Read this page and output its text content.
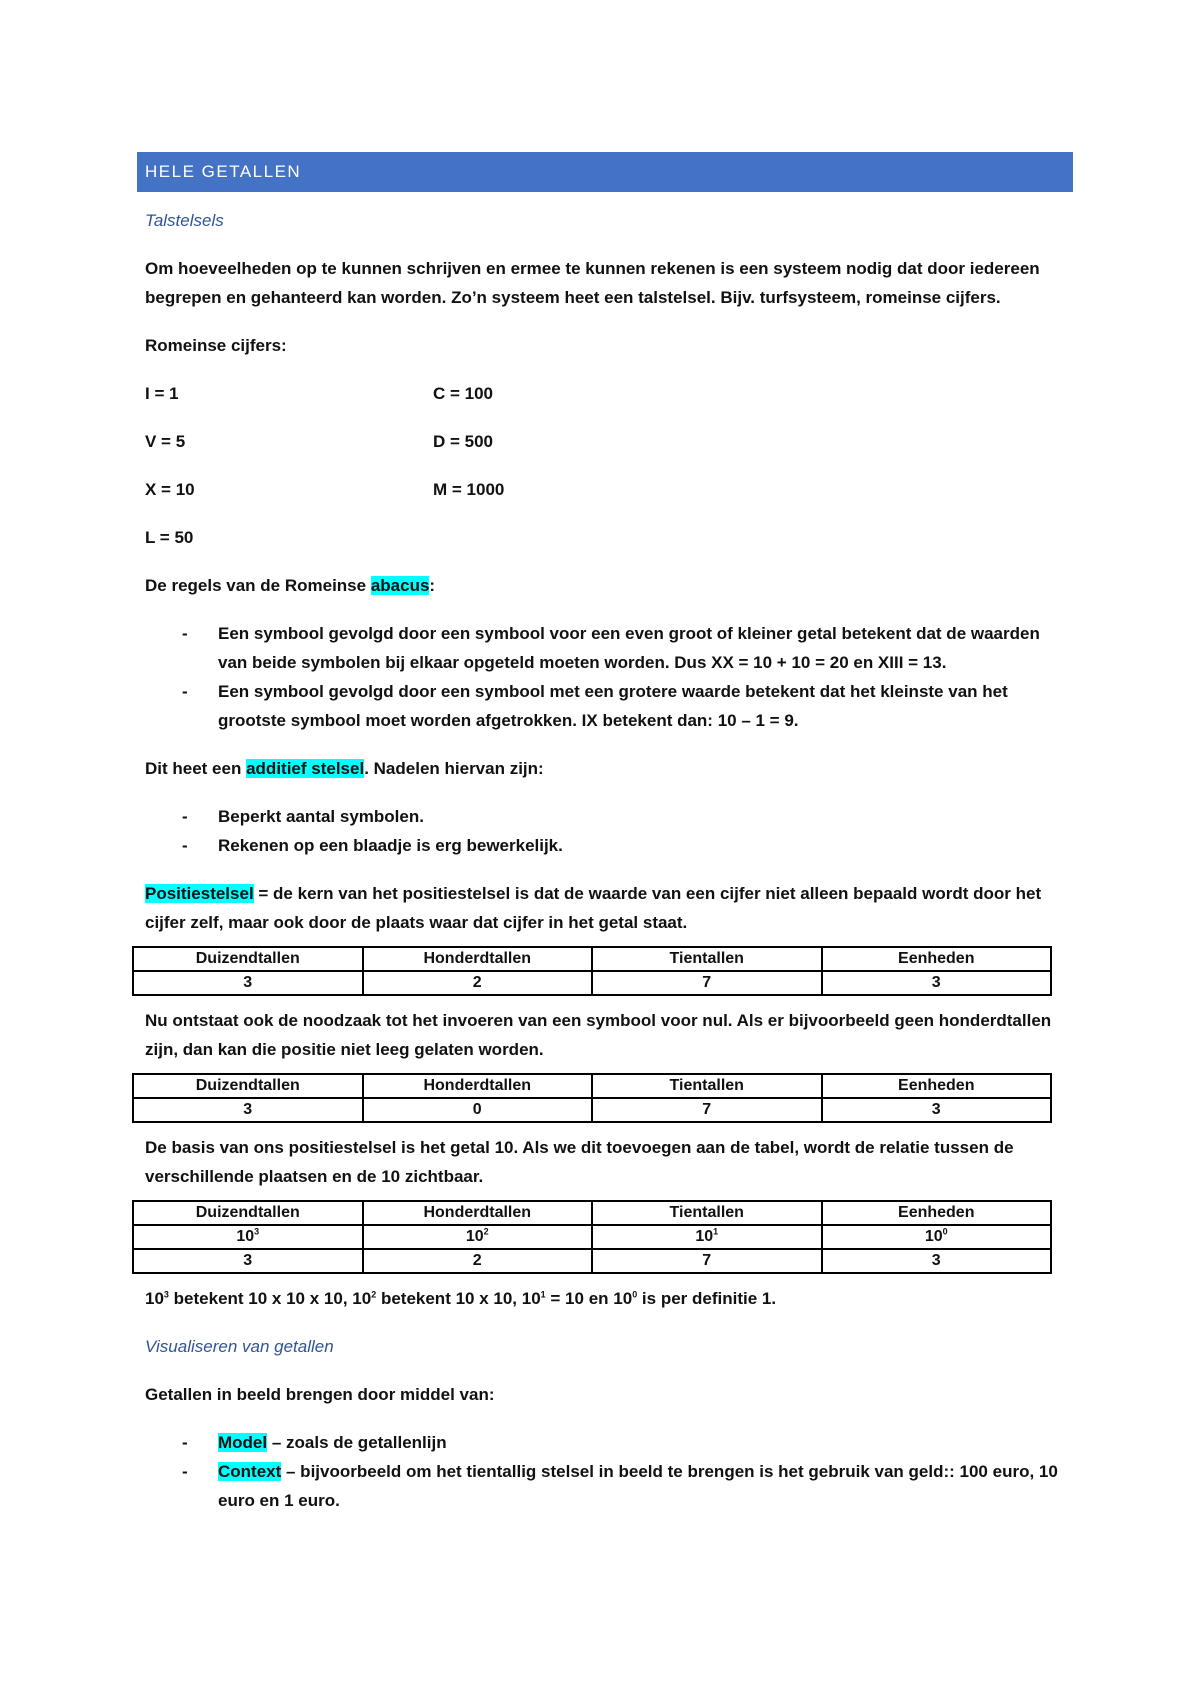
HELE GETALLEN

Talstelsels

Om hoeveelheden op te kunnen schrijven en ermee te kunnen rekenen is een systeem nodig dat door iedereen begrepen en gehanteerd kan worden. Zo’n systeem heet een talstelsel. Bijv. turfsysteem, romeinse cijfers.

Romeinse cijfers:

I = 1	C = 100
V = 5	D = 500
X = 10	M = 1000
L = 50

De regels van de Romeinse abacus:

- Een symbool gevolgd door een symbool voor een even groot of kleiner getal betekent dat de waarden van beide symbolen bij elkaar opgeteld moeten worden. Dus XX = 10 + 10 = 20 en XIII = 13.
- Een symbool gevolgd door een symbool met een grotere waarde betekent dat het kleinste van het grootste symbool moet worden afgetrokken. IX betekent dan: 10 – 1 = 9.

Dit heet een additief stelsel. Nadelen hiervan zijn:

- Beperkt aantal symbolen.
- Rekenen op een blaadje is erg bewerkelijk.

Positiestelsel = de kern van het positiestelsel is dat de waarde van een cijfer niet alleen bepaald wordt door het cijfer zelf, maar ook door de plaats waar dat cijfer in het getal staat.

Duizendtallen	Honderdtallen	Tientallen	Eenheden
3	2	7	3

Nu ontstaat ook de noodzaak tot het invoeren van een symbool voor nul. Als er bijvoorbeeld geen honderdtallen zijn, dan kan die positie niet leeg gelaten worden.

Duizendtallen	Honderdtallen	Tientallen	Eenheden
3	0	7	3

De basis van ons positiestelsel is het getal 10. Als we dit toevoegen aan de tabel, wordt de relatie tussen de verschillende plaatsen en de 10 zichtbaar.

Duizendtallen	Honderdtallen	Tientallen	Eenheden
$10^3$	$10^2$	$10^1$	$10^0$
3	2	7	3

$10^3$ betekent 10 x 10 x 10, $10^2$ betekent 10 x 10, $10^1 = 10$ en $10^0$ is per definitie 1.

Visualiseren van getallen

Getallen in beeld brengen door middel van:

- Model – zoals de getallenlijn
- Context – bijvoorbeeld om het tientallig stelsel in beeld te brengen is het gebruik van geld:: 100 euro, 10 euro en 1 euro.
